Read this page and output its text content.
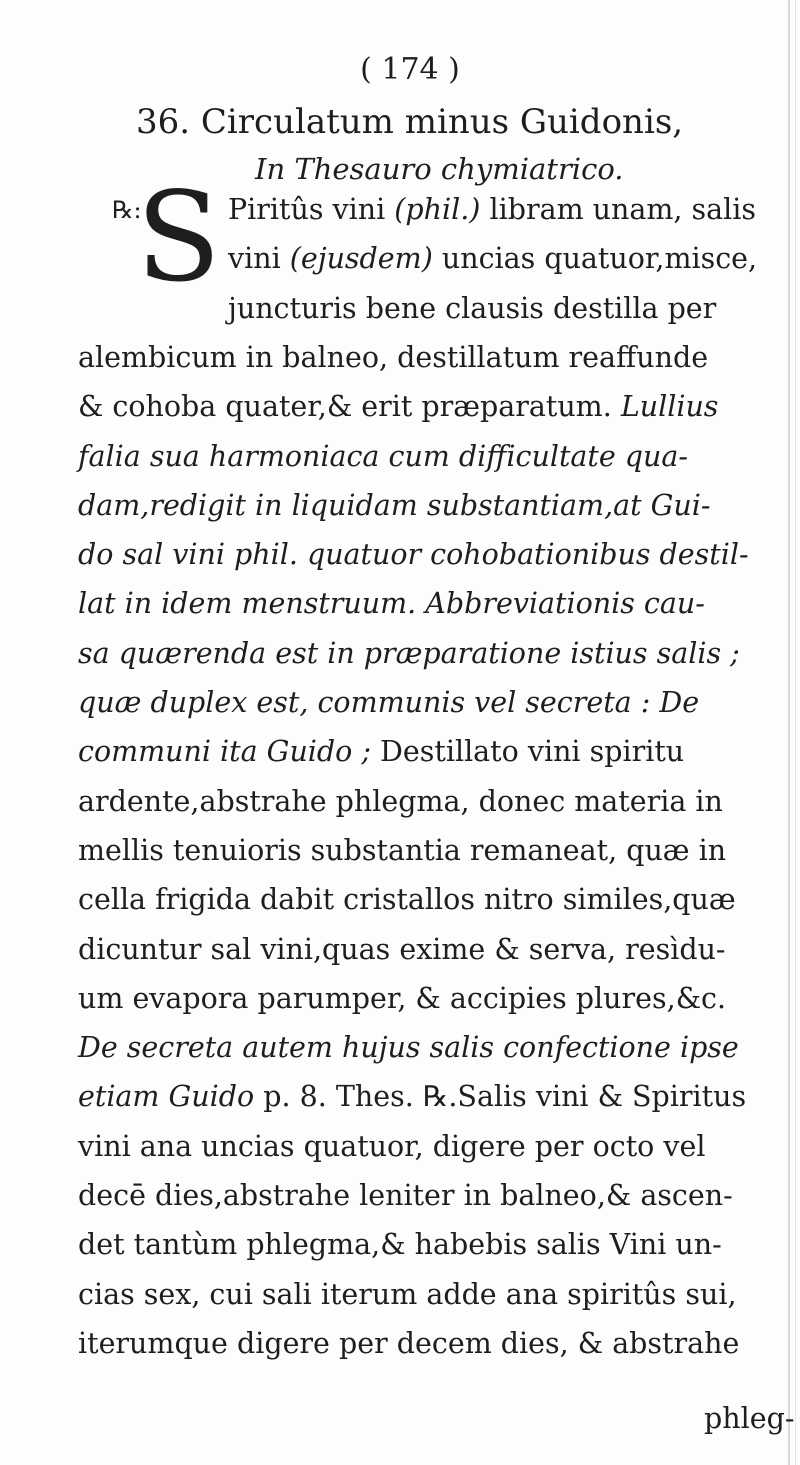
( 174 )
36. Circulatum minus Guidonis,
In Thesauro chymiatrico.
℞:
S Piritûs vini (phil.) libram unam, salis
vini (ejusdem) uncias quatuor,misce,
juncturis bene clausis destilla per
alembicum in balneo, destillatum reaffunde
& cohoba quater,& erit præparatum. Lullius
falia sua harmoniaca cum difficultate qua-
dam,redigit in liquidam substantiam,at Gui-
do sal vini phil. quatuor cohobationibus destil-
lat in idem menstruum. Abbreviationis cau-
sa quærenda est in præparatione istius salis ;
quæ duplex est, communis vel secreta : De
communi ita Guido ; Destillato vini spiritu
ardente,abstrahe phlegma, donec materia in
mellis tenuioris substantia remaneat, quæ in
cella frigida dabit cristallos nitro similes,quæ
dicuntur sal vini,quas exime & serva, resìdu-
um evapora parumper, & accipies plures,&c.
De secreta autem hujus salis confectione ipse
etiam Guido p. 8. Thes. ℞.Salis vini & Spiritus
vini ana uncias quatuor, digere per octo vel
decē dies,abstrahe leniter in balneo,& ascen-
det tantùm phlegma,& habebis salis Vini un-
cias sex, cui sali iterum adde ana spiritûs sui,
iterumque digere per decem dies, & abstrahe
phleg-
